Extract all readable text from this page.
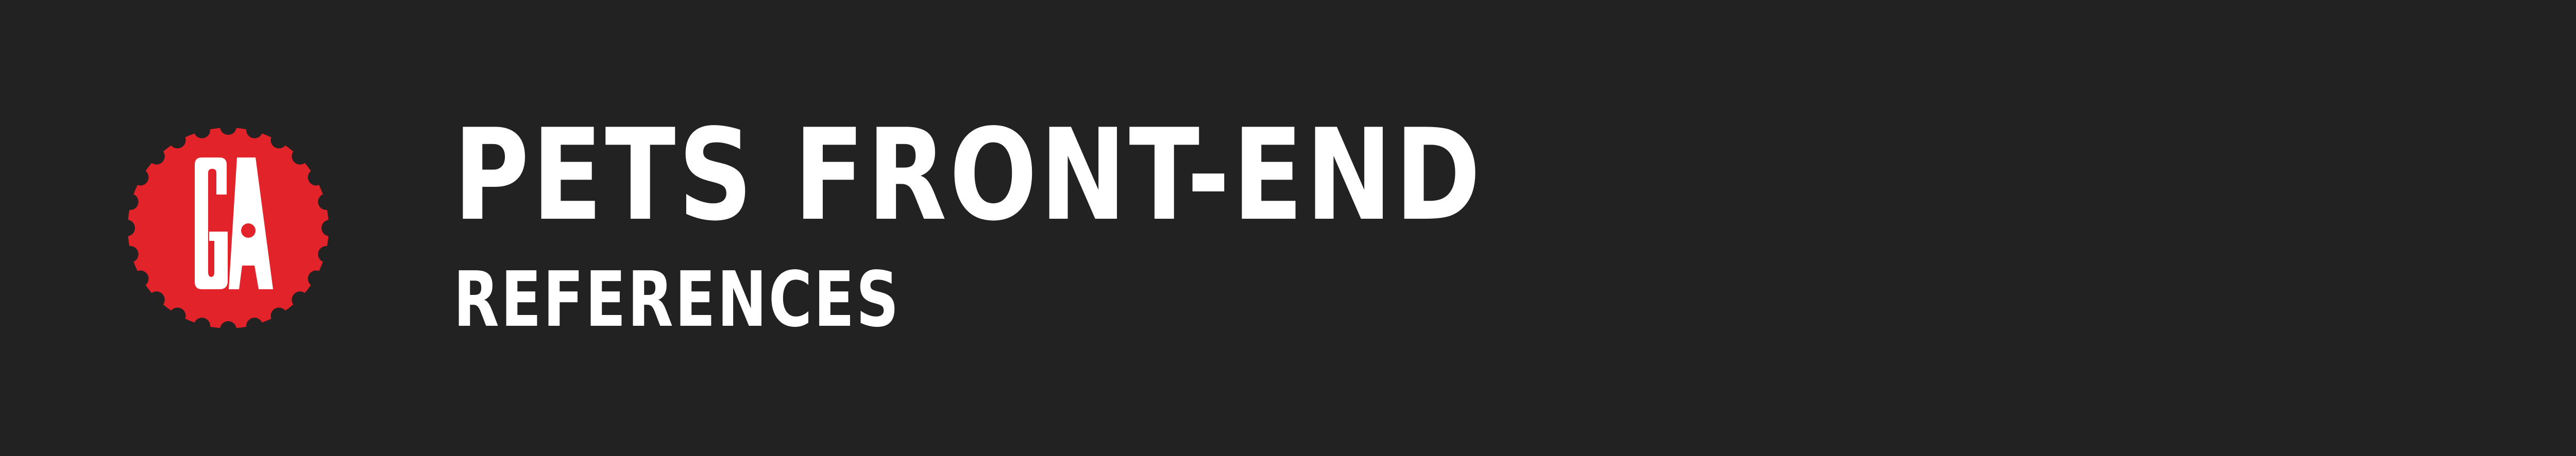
PETS FRONT-END
REFERENCES
